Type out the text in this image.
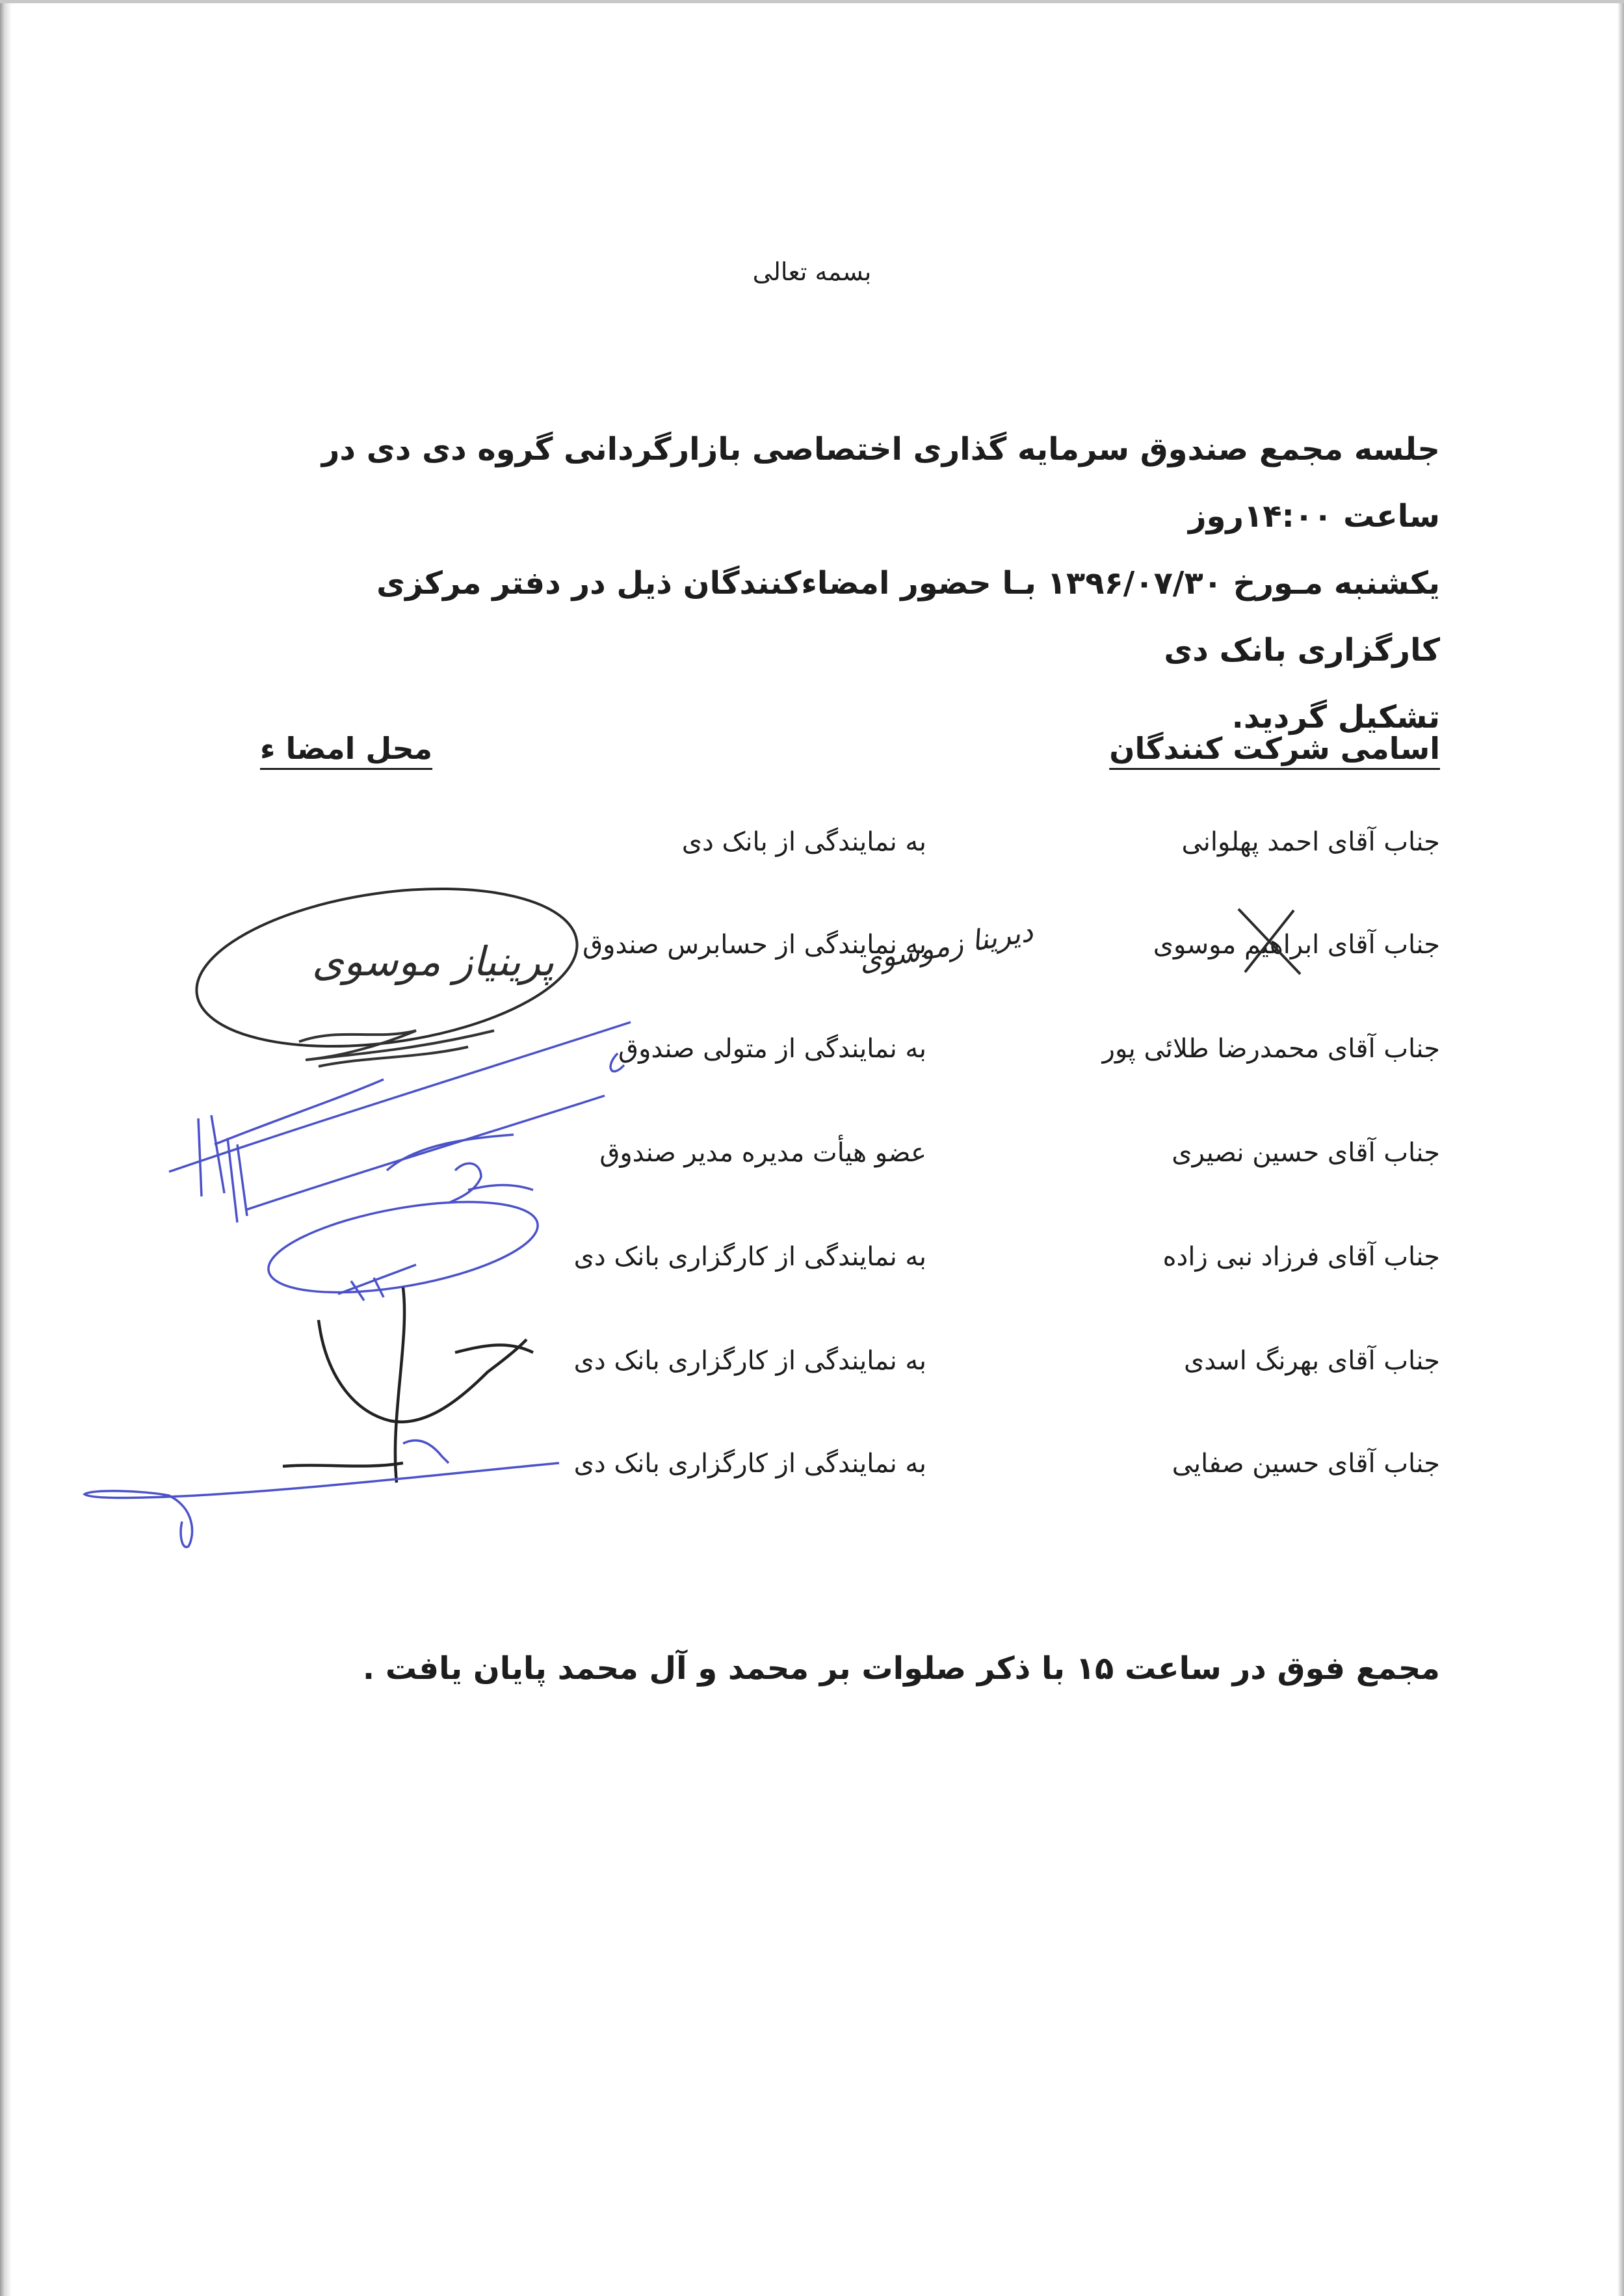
بسمه تعالی
جلسه مجمع صندوق سرمایه گذاری اختصاصی بازارگردانی گروه دی دی در ساعت ۱۴:۰۰روز
یکشنبه مـورخ ۱۳۹۶/۰۷/۳۰ بـا حضور امضاءکنندگان ذیل در دفتر مرکزی کارگزاری بانک دی
تشکیل گردید.
اسامی شرکت کنندگان
محل امضا ء
جناب آقای احمد پهلوانی
به نمایندگی از بانک دی
جناب آقای ابراهیم موسوی
به نمایندگی از حسابرس صندوق
جناب آقای محمدرضا طلائی پور
به نمایندگی از متولی صندوق
جناب آقای حسین نصیری
عضو هیأت مدیره مدیر صندوق
جناب آقای فرزاد نبی زاده
به نمایندگی از کارگزاری بانک دی
جناب آقای بهرنگ اسدی
به نمایندگی از کارگزاری بانک دی
جناب آقای حسین صفایی
به نمایندگی از کارگزاری بانک دی
مجمع فوق در ساعت ۱۵ با ذکر صلوات بر محمد و آل محمد پایان یافت .
دیرینا زموسوی
پرینیاز موسوی
